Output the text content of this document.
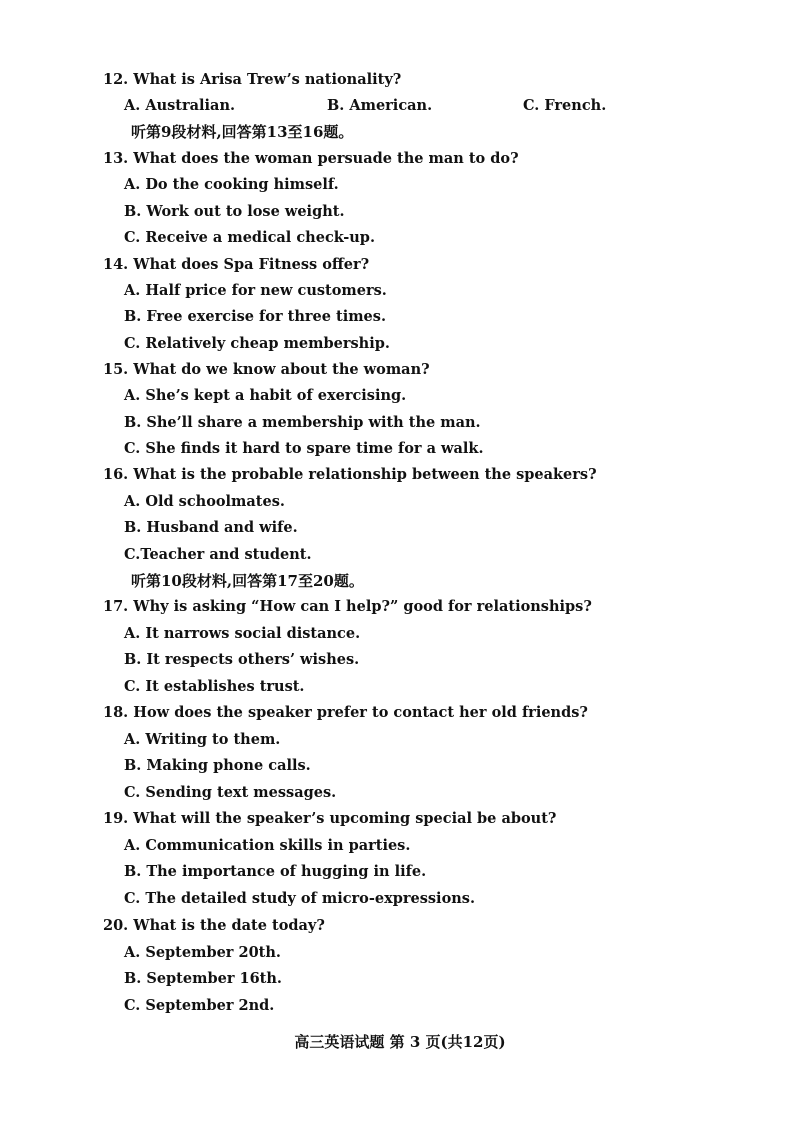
12. What is Arisa Trew’s nationality?
A. Australian.	B. American.	C. French.
听第9段材料,回答第13至16题。
13. What does the woman persuade the man to do?
A. Do the cooking himself.
B. Work out to lose weight.
C. Receive a medical check-up.
14. What does Spa Fitness offer?
A. Half price for new customers.
B. Free exercise for three times.
C. Relatively cheap membership.
15. What do we know about the woman?
A. She’s kept a habit of exercising.
B. She’ll share a membership with the man.
C. She finds it hard to spare time for a walk.
16. What is the probable relationship between the speakers?
A. Old schoolmates.
B. Husband and wife.
C.Teacher and student.
听第10段材料,回答第17至20题。
17. Why is asking “How can I help?” good for relationships?
A. It narrows social distance.
B. It respects others’ wishes.
C. It establishes trust.
18. How does the speaker prefer to contact her old friends?
A. Writing to them.
B. Making phone calls.
C. Sending text messages.
19. What will the speaker’s upcoming special be about?
A. Communication skills in parties.
B. The importance of hugging in life.
C. The detailed study of micro-expressions.
20. What is the date today?
A. September 20th.
B. September 16th.
C. September 2nd.
高三英语试题 第 3 页(共12页)
